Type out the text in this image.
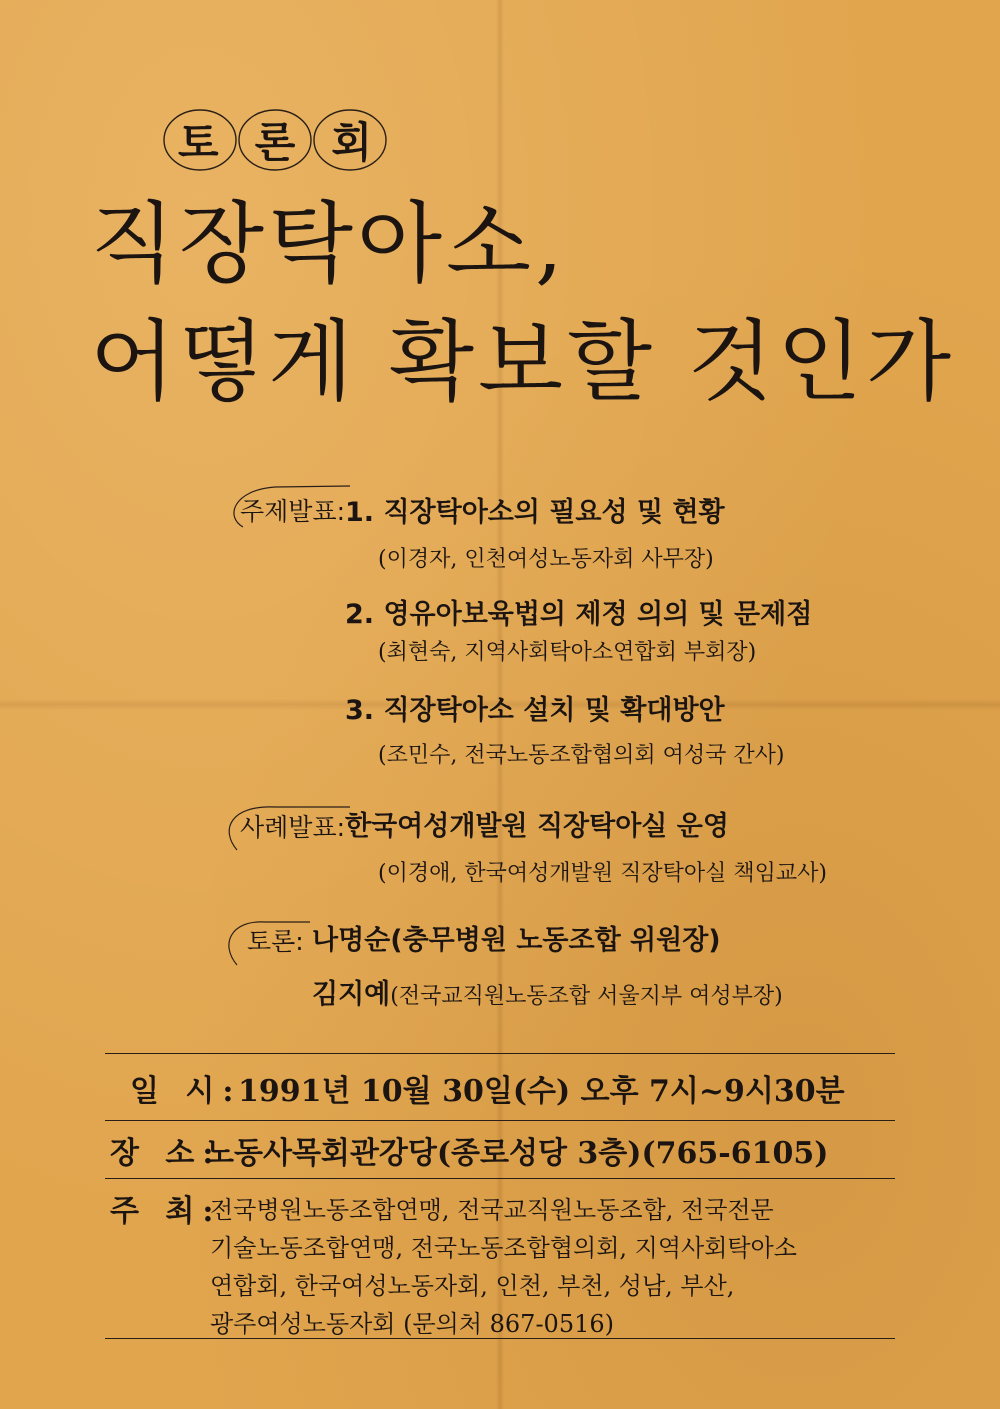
토 론 회
직장탁아소,
어떻게 확보할 것인가
주제발표: 1. 직장탁아소의 필요성 및 현황
(이경자, 인천여성노동자회 사무장)
2. 영유아보육법의 제정 의의 및 문제점
(최현숙, 지역사회탁아소연합회 부회장)
3. 직장탁아소 설치 및 확대방안
(조민수, 전국노동조합협의회 여성국 간사)
사례발표: 한국여성개발원 직장탁아실 운영
(이경애, 한국여성개발원 직장탁아실 책임교사)
토론: 나명순(충무병원 노동조합 위원장)
김지예(전국교직원노동조합 서울지부 여성부장)
일 시:
1991년 10월 30일(수) 오후 7시~9시30분
장 소:
노동사목회관강당(종로성당 3층)(765-6105)
주 최:
전국병원노동조합연맹, 전국교직원노동조합, 전국전문
기술노동조합연맹, 전국노동조합협의회, 지역사회탁아소
연합회, 한국여성노동자회, 인천, 부천, 성남, 부산,
광주여성노동자회 (문의처 867-0516)
